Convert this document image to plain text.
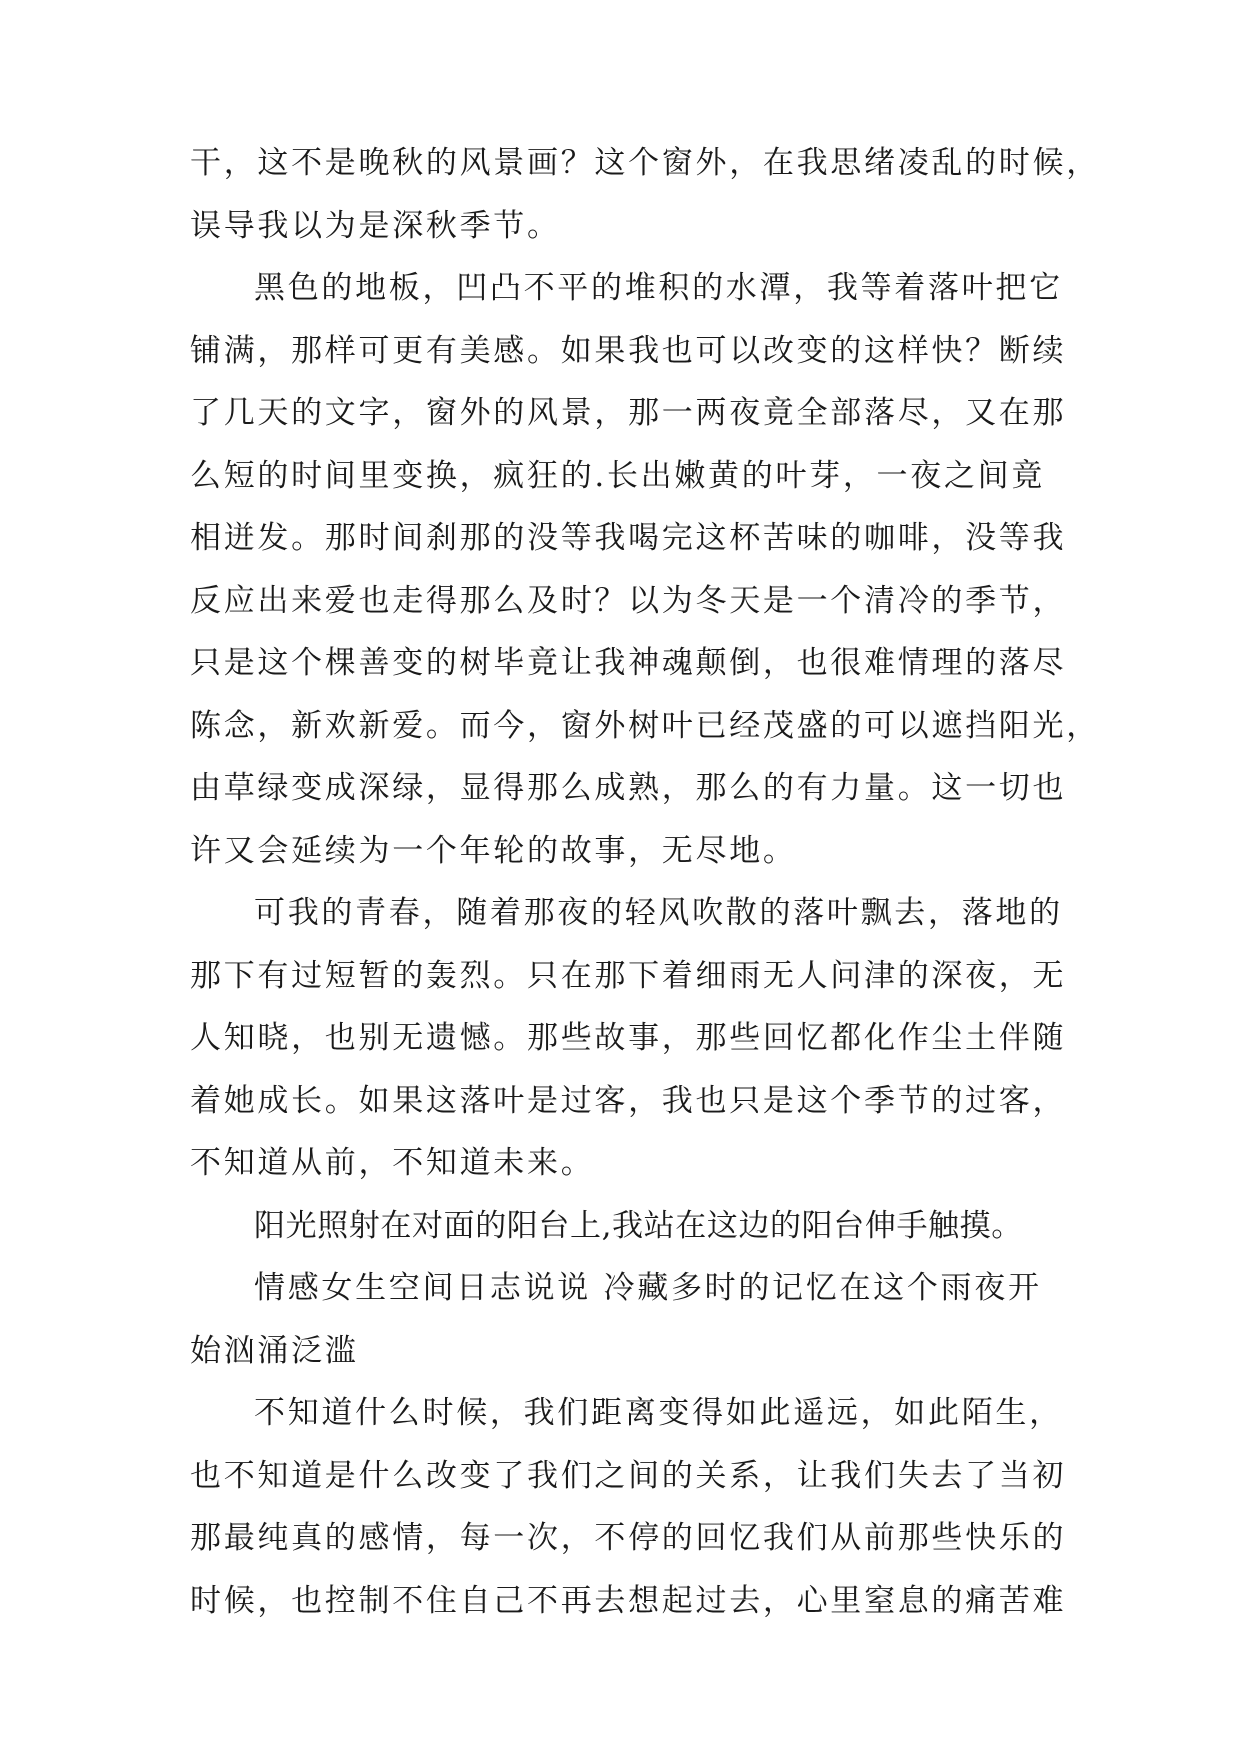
干，这不是晚秋的风景画？这个窗外，在我思绪凌乱的时候，
误导我以为是深秋季节。
黑色的地板，凹凸不平的堆积的水潭，我等着落叶把它
铺满，那样可更有美感。如果我也可以改变的这样快？断续
了几天的文字，窗外的风景，那一两夜竟全部落尽，又在那
么短的时间里变换，疯狂的.长出嫩黄的叶芽，一夜之间竟
相迸发。那时间刹那的没等我喝完这杯苦味的咖啡，没等我
反应出来爱也走得那么及时？以为冬天是一个清冷的季节，
只是这个棵善变的树毕竟让我神魂颠倒，也很难情理的落尽
陈念，新欢新爱。而今，窗外树叶已经茂盛的可以遮挡阳光，
由草绿变成深绿，显得那么成熟，那么的有力量。这一切也
许又会延续为一个年轮的故事，无尽地。
可我的青春，随着那夜的轻风吹散的落叶飘去，落地的
那下有过短暂的轰烈。只在那下着细雨无人问津的深夜，无
人知晓，也别无遗憾。那些故事，那些回忆都化作尘土伴随
着她成长。如果这落叶是过客，我也只是这个季节的过客，
不知道从前，不知道未来。
阳光照射在对面的阳台上,我站在这边的阳台伸手触摸。
情感女生空间日志说说 冷藏多时的记忆在这个雨夜开
始汹涌泛滥
不知道什么时候，我们距离变得如此遥远，如此陌生，
也不知道是什么改变了我们之间的关系，让我们失去了当初
那最纯真的感情，每一次，不停的回忆我们从前那些快乐的
时候，也控制不住自己不再去想起过去，心里窒息的痛苦难
